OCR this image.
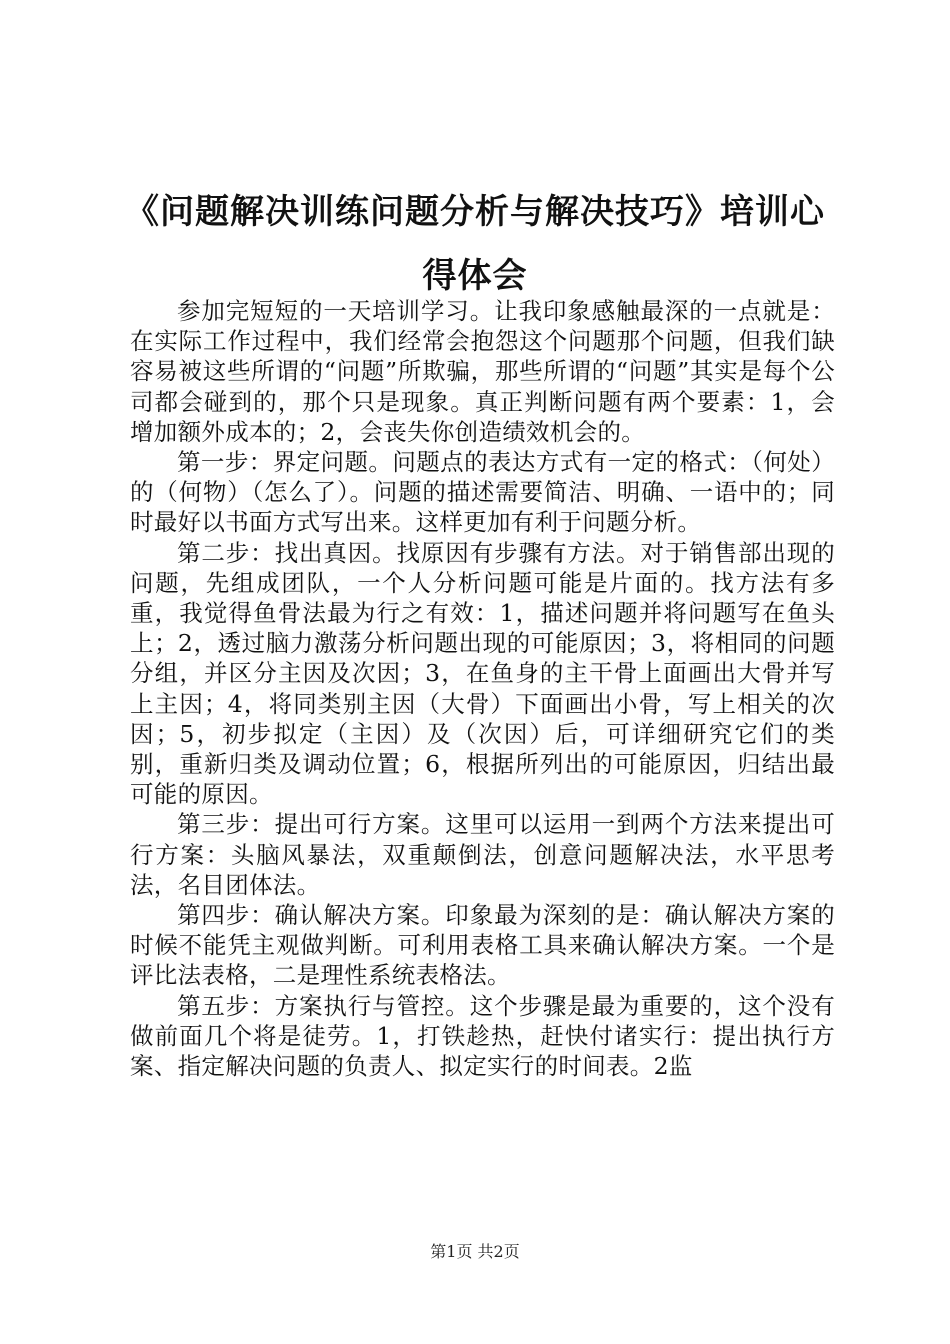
《问题解决训练问题分析与解决技巧》培训心得体会

参加完短短的一天培训学习。让我印象感触最深的一点就是：在实际工作过程中，我们经常会抱怨这个问题那个问题，但我们缺容易被这些所谓的“问题”所欺骗，那些所谓的“问题”其实是每个公司都会碰到的，那个只是现象。真正判断问题有两个要素：1，会增加额外成本的；2，会丧失你创造绩效机会的。

第一步：界定问题。问题点的表达方式有一定的格式：（何处）的（何物）（怎么了）。问题的描述需要简洁、明确、一语中的；同时最好以书面方式写出来。这样更加有利于问题分析。

第二步：找出真因。找原因有步骤有方法。对于销售部出现的问题，先组成团队，一个人分析问题可能是片面的。找方法有多重，我觉得鱼骨法最为行之有效：1，描述问题并将问题写在鱼头上；2，透过脑力激荡分析问题出现的可能原因；3，将相同的问题分组，并区分主因及次因；3，在鱼身的主干骨上面画出大骨并写上主因；4，将同类别主因（大骨）下面画出小骨，写上相关的次因；5，初步拟定（主因）及（次因）后，可详细研究它们的类别，重新归类及调动位置；6，根据所列出的可能原因，归结出最可能的原因。

第三步：提出可行方案。这里可以运用一到两个方法来提出可行方案：头脑风暴法，双重颠倒法，创意问题解决法，水平思考法，名目团体法。

第四步：确认解决方案。印象最为深刻的是：确认解决方案的时候不能凭主观做判断。可利用表格工具来确认解决方案。一个是评比法表格，二是理性系统表格法。

第五步：方案执行与管控。这个步骤是最为重要的，这个没有做前面几个将是徒劳。1，打铁趁热，赶快付诸实行：提出执行方案、指定解决问题的负责人、拟定实行的时间表。2监

第1页 共2页
